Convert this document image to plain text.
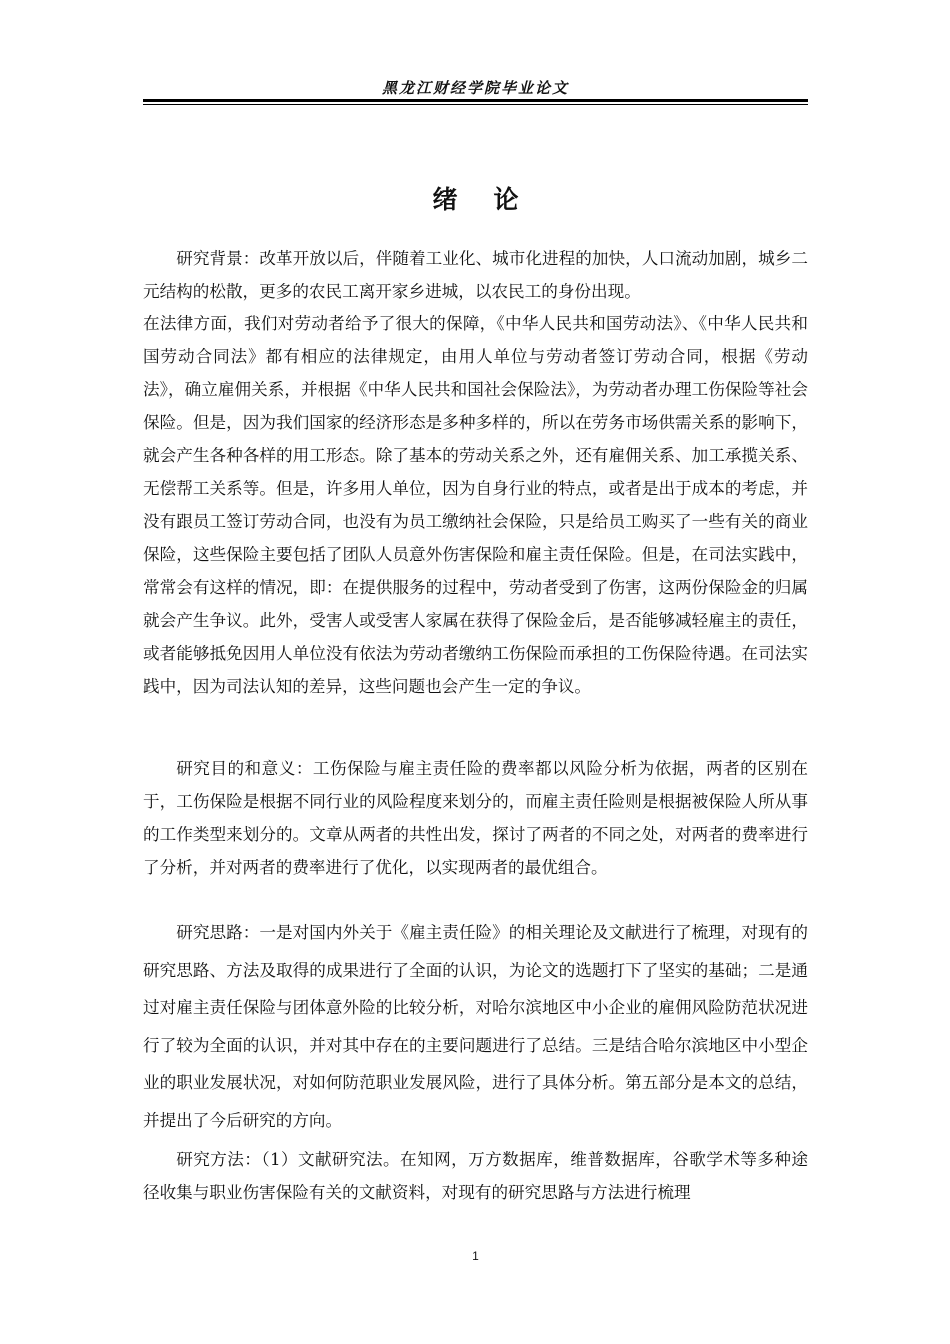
黑龙江财经学院毕业论文
绪论

研究背景：改革开放以后，伴随着工业化、城市化进程的加快，人口流动加剧，城乡二元结构的松散，更多的农民工离开家乡进城，以农民工的身份出现。

在法律方面，我们对劳动者给予了很大的保障，《中华人民共和国劳动法》、《中华人民共和国劳动合同法》都有相应的法律规定，由用人单位与劳动者签订劳动合同，根据《劳动法》，确立雇佣关系，并根据《中华人民共和国社会保险法》，为劳动者办理工伤保险等社会保险。但是，因为我们国家的经济形态是多种多样的，所以在劳务市场供需关系的影响下，就会产生各种各样的用工形态。除了基本的劳动关系之外，还有雇佣关系、加工承揽关系、无偿帮工关系等。但是，许多用人单位，因为自身行业的特点，或者是出于成本的考虑，并没有跟员工签订劳动合同，也没有为员工缴纳社会保险，只是给员工购买了一些有关的商业保险，这些保险主要包括了团队人员意外伤害保险和雇主责任保险。但是，在司法实践中，常常会有这样的情况，即：在提供服务的过程中，劳动者受到了伤害，这两份保险金的归属就会产生争议。此外，受害人或受害人家属在获得了保险金后，是否能够减轻雇主的责任，或者能够抵免因用人单位没有依法为劳动者缴纳工伤保险而承担的工伤保险待遇。在司法实践中，因为司法认知的差异，这些问题也会产生一定的争议。

研究目的和意义：工伤保险与雇主责任险的费率都以风险分析为依据，两者的区别在于，工伤保险是根据不同行业的风险程度来划分的，而雇主责任险则是根据被保险人所从事的工作类型来划分的。文章从两者的共性出发，探讨了两者的不同之处，对两者的费率进行了分析，并对两者的费率进行了优化，以实现两者的最优组合。

研究思路：一是对国内外关于《雇主责任险》的相关理论及文献进行了梳理，对现有的研究思路、方法及取得的成果进行了全面的认识，为论文的选题打下了坚实的基础；二是通过对雇主责任保险与团体意外险的比较分析，对哈尔滨地区中小企业的雇佣风险防范状况进行了较为全面的认识，并对其中存在的主要问题进行了总结。三是结合哈尔滨地区中小型企业的职业发展状况，对如何防范职业发展风险，进行了具体分析。第五部分是本文的总结，并提出了今后研究的方向。

研究方法：（1）文献研究法。在知网，万方数据库，维普数据库，谷歌学术等多种途径收集与职业伤害保险有关的文献资料，对现有的研究思路与方法进行梳理

1
